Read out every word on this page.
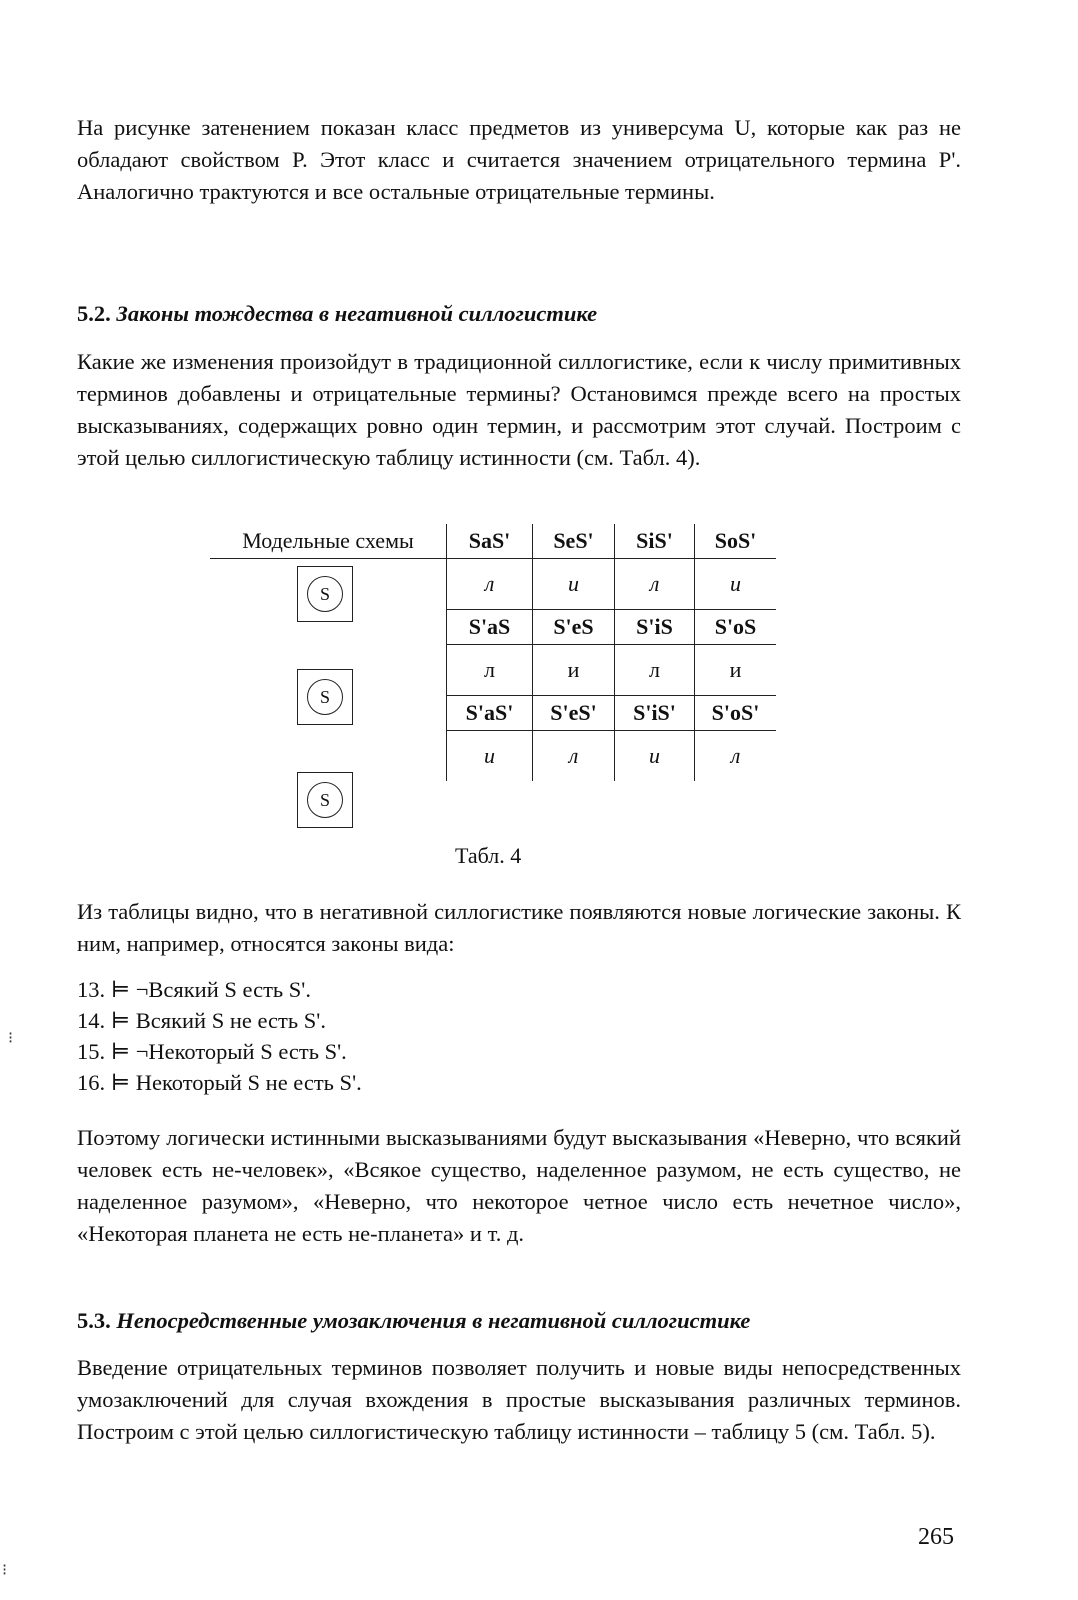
На рисунке затенением показан класс предметов из универсума U, которые как раз не обладают свойством P. Этот класс и считается значением отрицательного термина P'. Аналогично трактуются и все остальные отрицательные термины.

5.2. Законы тождества в негативной силлогистике

Какие же изменения произойдут в традиционной силлогистике, если к числу примитивных терминов добавлены и отрицательные термины? Остановимся прежде всего на простых высказываниях, содержащих ровно один термин, и рассмотрим этот случай. Построим с этой целью силлогистическую таблицу истинности (см. Табл. 4).

Модельные схемы	SaS'	SeS'	SiS'	SoS'
л	и	л	и
S'aS	S'eS	S'iS	S'oS
л	и	л	и
S'aS'	S'eS'	S'iS'	S'oS'
и	л	и	л
S
S
S
Табл. 4

Из таблицы видно, что в негативной силлогистике появляются новые логические законы. К ним, например, относятся законы вида:

13. ⊨ ¬Всякий S есть S'.
14. ⊨ Всякий S не есть S'.
15. ⊨ ¬Некоторый S есть S'.
16. ⊨ Некоторый S не есть S'.

Поэтому логически истинными высказываниями будут высказывания «Неверно, что всякий человек есть не-человек», «Всякое существо, наделенное разумом, не есть существо, не наделенное разумом», «Неверно, что некоторое четное число есть нечетное число», «Некоторая планета не есть не-планета» и т. д.

5.3. Непосредственные умозаключения в негативной силлогистике

Введение отрицательных терминов позволяет получить и новые виды непосредственных умозаключений для случая вхождения в простые высказывания различных терминов. Построим с этой целью силлогистическую таблицу истинности – таблицу 5 (см. Табл. 5).

265
⁝
⁝
